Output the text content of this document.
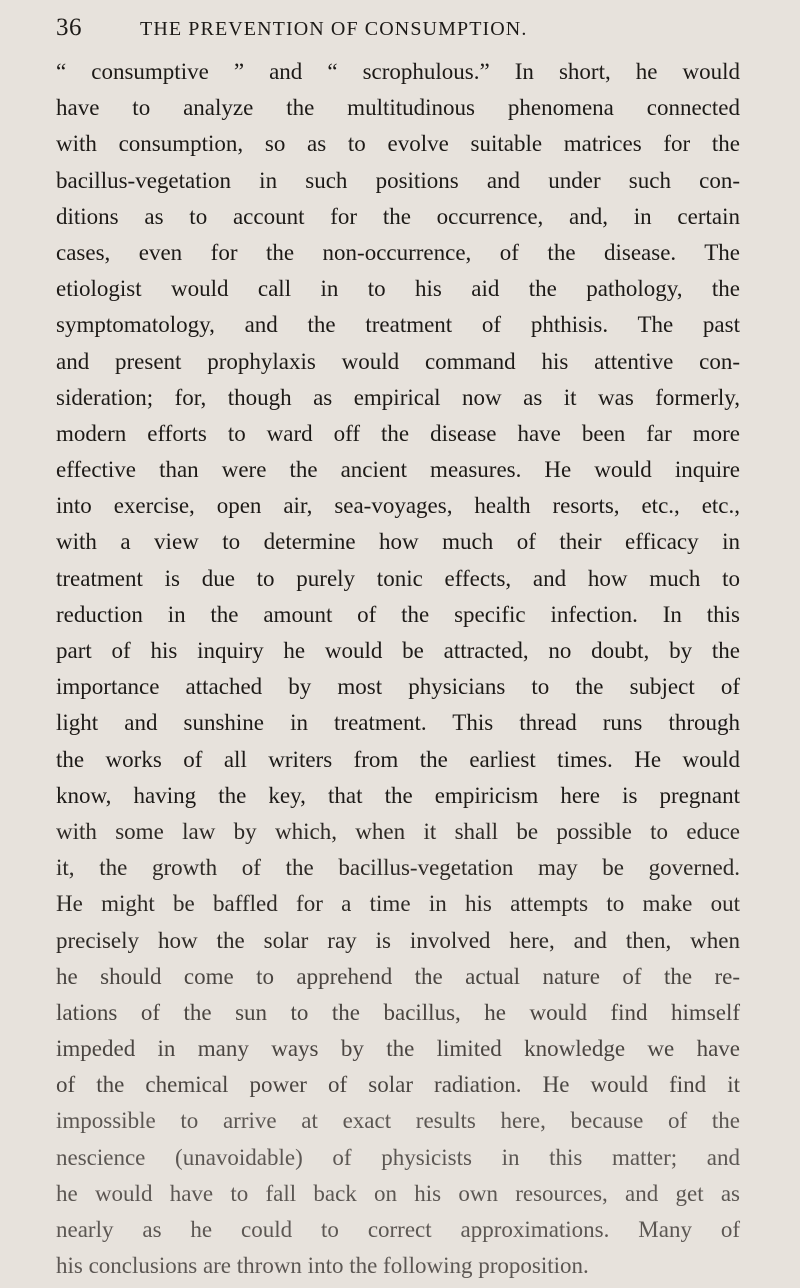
36	THE PREVENTION OF CONSUMPTION.
“ consumptive ” and “ scrophulous.” In short, he would
have to analyze the multitudinous phenomena connected
with consumption, so as to evolve suitable matrices for the
bacillus-vegetation in such positions and under such con-
ditions as to account for the occurrence, and, in certain
cases, even for the non-occurrence, of the disease. The
etiologist would call in to his aid the pathology, the
symptomatology, and the treatment of phthisis. The past
and present prophylaxis would command his attentive con-
sideration; for, though as empirical now as it was formerly,
modern efforts to ward off the disease have been far more
effective than were the ancient measures. He would inquire
into exercise, open air, sea-voyages, health resorts, etc., etc.,
with a view to determine how much of their efficacy in
treatment is due to purely tonic effects, and how much to
reduction in the amount of the specific infection. In this
part of his inquiry he would be attracted, no doubt, by the
importance attached by most physicians to the subject of
light and sunshine in treatment. This thread runs through
the works of all writers from the earliest times. He would
know, having the key, that the empiricism here is pregnant
with some law by which, when it shall be possible to educe
it, the growth of the bacillus-vegetation may be governed.
He might be baffled for a time in his attempts to make out
precisely how the solar ray is involved here, and then, when
he should come to apprehend the actual nature of the re-
lations of the sun to the bacillus, he would find himself
impeded in many ways by the limited knowledge we have
of the chemical power of solar radiation. He would find it
impossible to arrive at exact results here, because of the
nescience (unavoidable) of physicists in this matter; and
he would have to fall back on his own resources, and get as
nearly as he could to correct approximations. Many of
his conclusions are thrown into the following proposition.
